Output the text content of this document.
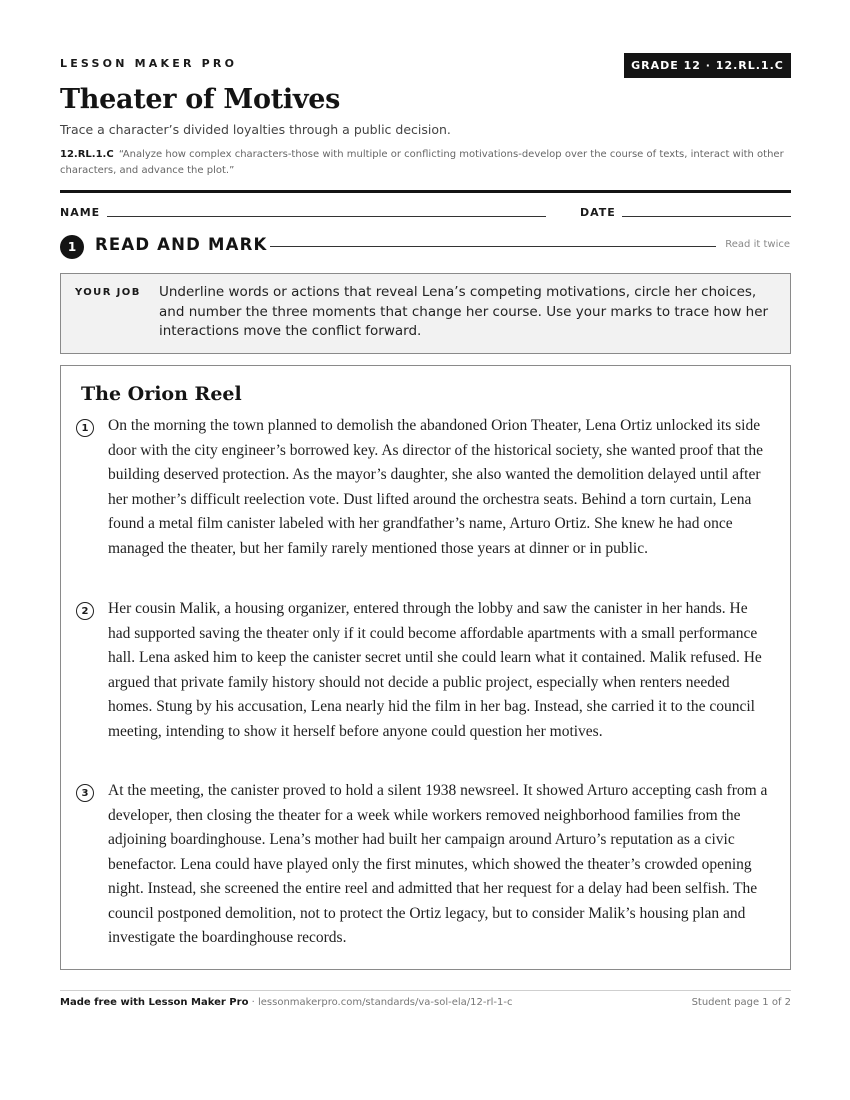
LESSON MAKER PRO	GRADE 12 · 12.RL.1.C
Theater of Motives
Trace a character’s divided loyalties through a public decision.
12.RL.1.C “Analyze how complex characters-those with multiple or conflicting motivations-develop over the course of texts, interact with other characters, and advance the plot.”
NAME	DATE
1	READ AND MARK	Read it twice
YOUR JOB Underline words or actions that reveal Lena’s competing motivations, circle her choices, and number the three moments that change her course. Use your marks to trace how her interactions move the conflict forward.
The Orion Reel
1	On the morning the town planned to demolish the abandoned Orion Theater, Lena Ortiz unlocked its side door with the city engineer’s borrowed key. As director of the historical society, she wanted proof that the building deserved protection. As the mayor’s daughter, she also wanted the demolition delayed until after her mother’s difficult reelection vote. Dust lifted around the orchestra seats. Behind a torn curtain, Lena found a metal film canister labeled with her grandfather’s name, Arturo Ortiz. She knew he had once managed the theater, but her family rarely mentioned those years at dinner or in public.
2	Her cousin Malik, a housing organizer, entered through the lobby and saw the canister in her hands. He had supported saving the theater only if it could become affordable apartments with a small performance hall. Lena asked him to keep the canister secret until she could learn what it contained. Malik refused. He argued that private family history should not decide a public project, especially when renters needed homes. Stung by his accusation, Lena nearly hid the film in her bag. Instead, she carried it to the council meeting, intending to show it herself before anyone could question her motives.
3	At the meeting, the canister proved to hold a silent 1938 newsreel. It showed Arturo accepting cash from a developer, then closing the theater for a week while workers removed neighborhood families from the adjoining boardinghouse. Lena’s mother had built her campaign around Arturo’s reputation as a civic benefactor. Lena could have played only the first minutes, which showed the theater’s crowded opening night. Instead, she screened the entire reel and admitted that her request for a delay had been selfish. The council postponed demolition, not to protect the Ortiz legacy, but to consider Malik’s housing plan and investigate the boardinghouse records.
Made free with Lesson Maker Pro · lessonmakerpro.com/standards/va-sol-ela/12-rl-1-c	Student page 1 of 2
